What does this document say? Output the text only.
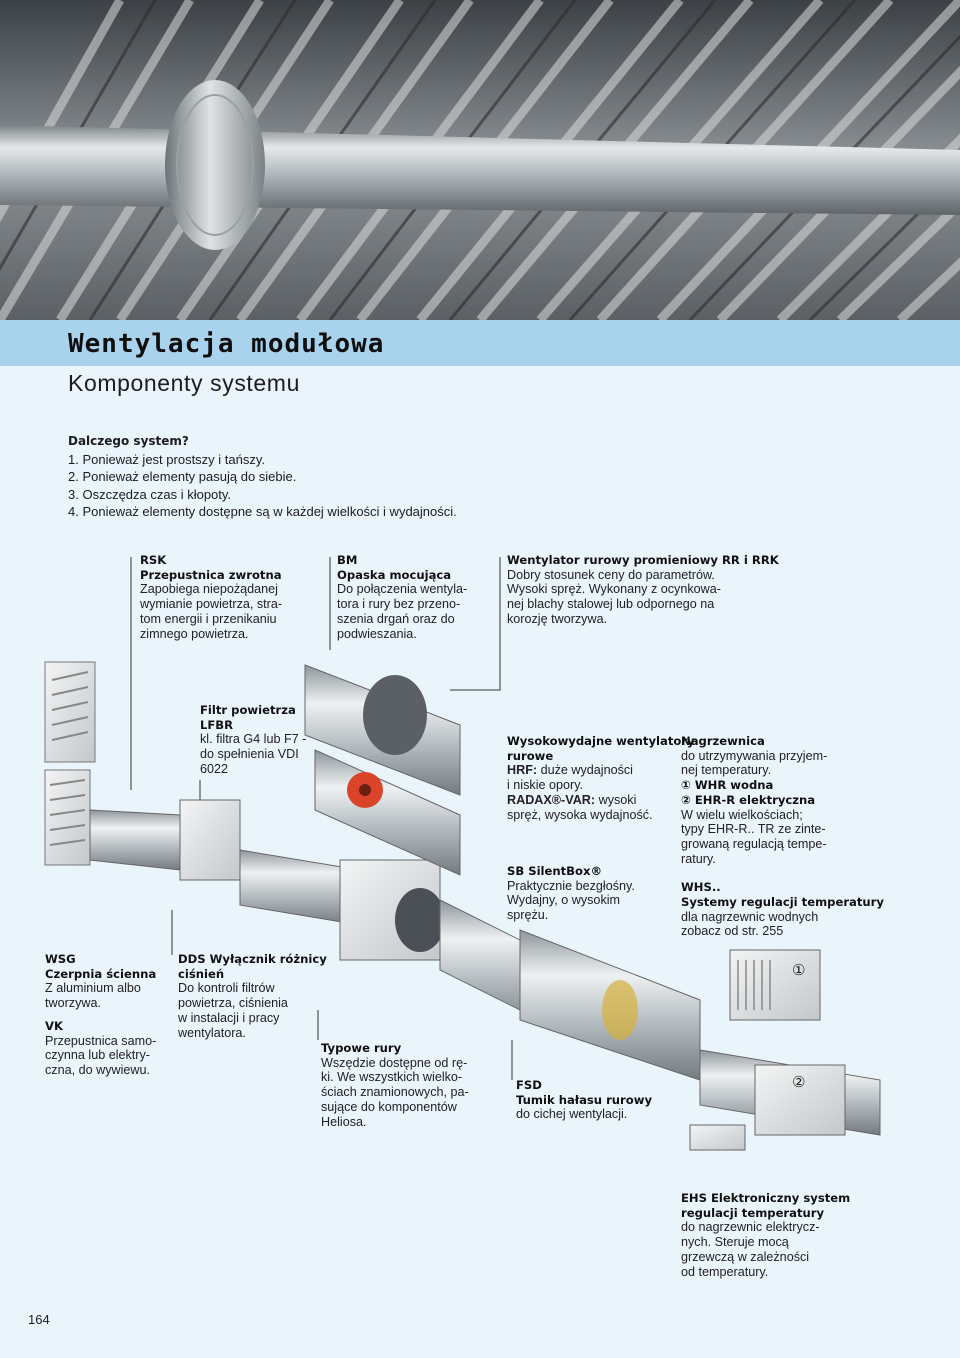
Wentylacja modułowa
Komponenty systemu
Dalczego system?
1. Ponieważ jest prostszy i tańszy.
2. Ponieważ elementy pasują do siebie.
3. Oszczędza czas i kłopoty.
4. Ponieważ elementy dostępne są w każdej wielkości i wydajności.
①
②
RSK
Przepustnica zwrotna
Zapobiega niepożądanej
wymianie powietrza, stra-
tom energii i przenikaniu
zimnego powietrza.
BM
Opaska mocująca
Do połączenia wentyla-
tora i rury bez przeno-
szenia drgań oraz do
podwieszania.
Wentylator rurowy promieniowy RR i RRK
Dobry stosunek ceny do parametrów.
Wysoki spręż. Wykonany z ocynkowa-
nej blachy stalowej lub odpornego na
korozję tworzywa.
Filtr powietrza
LFBR
kl. filtra G4 lub F7 -
do spełnienia VDI
6022
Wysokowydajne wentylatory
rurowe
HRF: duże wydajności
i niskie opory.
RADAX®-VAR: wysoki
spręż, wysoka wydajność.
SB SilentBox®
Praktycznie bezgłośny.
Wydajny, o wysokim
sprężu.
Nagrzewnica
do utrzymywania przyjem-
nej temperatury.
① WHR wodna
② EHR-R elektryczna
W wielu wielkościach;
typy EHR-R.. TR ze zinte-
growaną regulacją tempe-
ratury.
WHS..
Systemy regulacji temperatury
dla nagrzewnic wodnych
zobacz od str. 255
WSG
Czerpnia ścienna
Z aluminium albo
tworzywa.
VK
Przepustnica samo-
czynna lub elektry-
czna, do wywiewu.
DDS Wyłącznik różnicy
ciśnień
Do kontroli filtrów
powietrza, ciśnienia
w instalacji i pracy
wentylatora.
Typowe rury
Wszędzie dostępne od rę-
ki. We wszystkich wielko-
ściach znamionowych, pa-
sujące do komponentów
Heliosa.
FSD
Tumik hałasu rurowy
do cichej wentylacji.
EHS Elektroniczny system
regulacji temperatury
do nagrzewnic elektrycz-
nych. Steruje mocą
grzewczą w zależności
od temperatury.
164
